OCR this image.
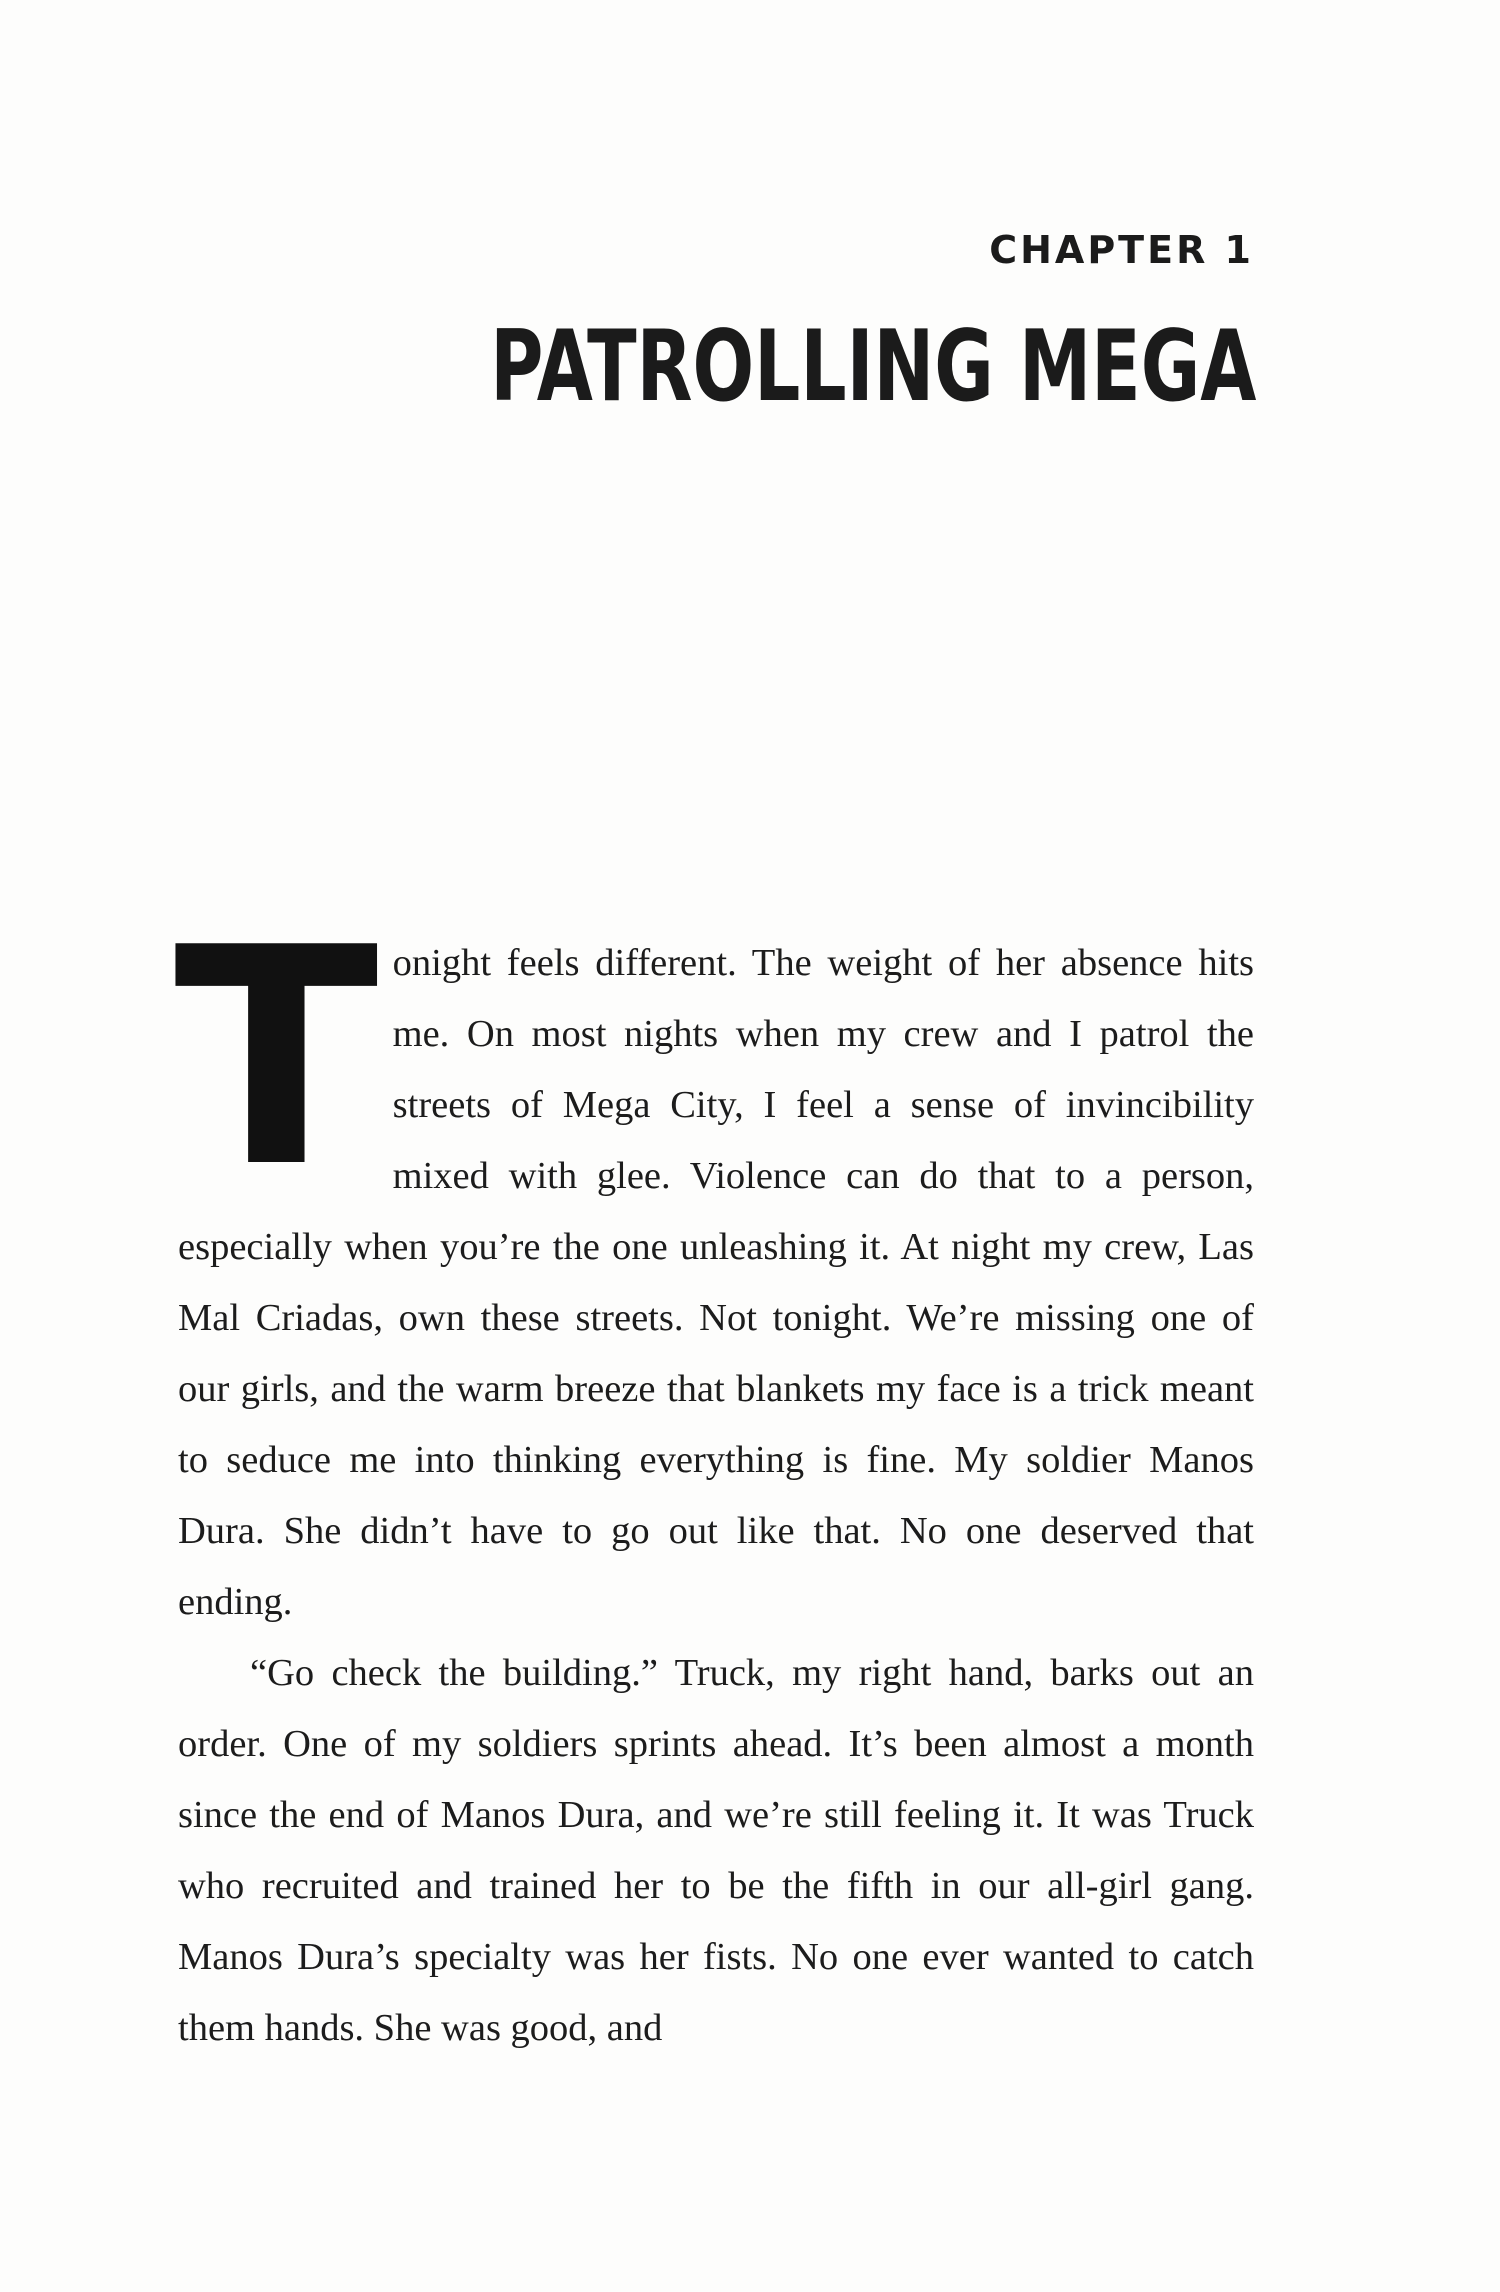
CHAPTER 1
PATROLLING MEGA

Tonight feels different. The weight of her absence hits me. On most nights when my crew and I patrol the streets of Mega City, I feel a sense of invincibility mixed with glee. Violence can do that to a person, especially when you’re the one unleashing it. At night my crew, Las Mal Criadas, own these streets. Not tonight. We’re missing one of our girls, and the warm breeze that blankets my face is a trick meant to seduce me into thinking everything is fine. My soldier Manos Dura. She didn’t have to go out like that. No one deserved that ending.

“Go check the building.” Truck, my right hand, barks out an order. One of my soldiers sprints ahead. It’s been almost a month since the end of Manos Dura, and we’re still feeling it. It was Truck who recruited and trained her to be the fifth in our all-girl gang. Manos Dura’s specialty was her fists. No one ever wanted to catch them hands. She was good, and
